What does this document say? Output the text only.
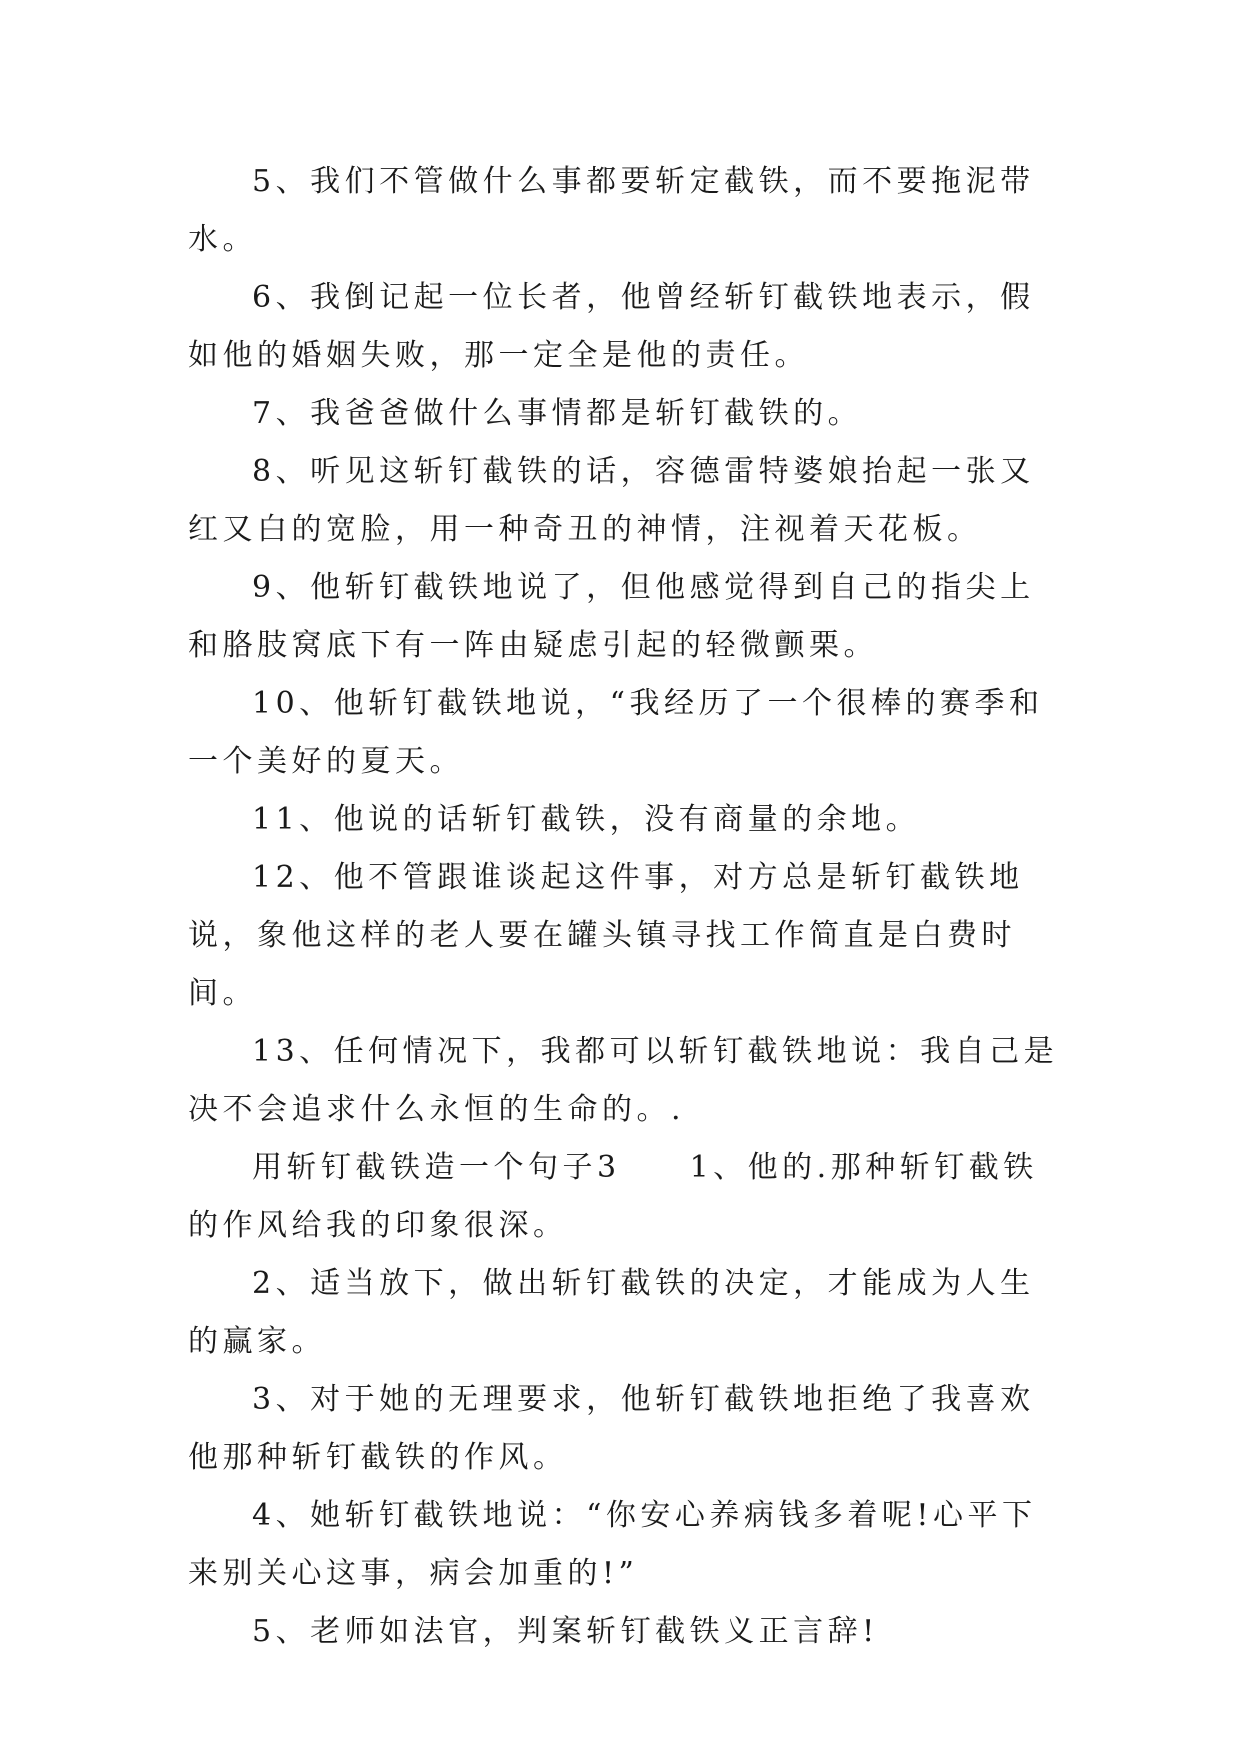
5、我们不管做什么事都要斩定截铁，而不要拖泥带水。

6、我倒记起一位长者，他曾经斩钉截铁地表示，假如他的婚姻失败，那一定全是他的责任。

7、我爸爸做什么事情都是斩钉截铁的。

8、听见这斩钉截铁的话，容德雷特婆娘抬起一张又红又白的宽脸，用一种奇丑的神情，注视着天花板。

9、他斩钉截铁地说了，但他感觉得到自己的指尖上和胳肢窝底下有一阵由疑虑引起的轻微颤栗。

10、他斩钉截铁地说，“我经历了一个很棒的赛季和一个美好的夏天。

11、他说的话斩钉截铁，没有商量的余地。

12、他不管跟谁谈起这件事，对方总是斩钉截铁地说，象他这样的老人要在罐头镇寻找工作简直是白费时间。

13、任何情况下，我都可以斩钉截铁地说：我自己是决不会追求什么永恒的生命的。.

用斩钉截铁造一个句子3　　1、他的.那种斩钉截铁的作风给我的印象很深。

2、适当放下，做出斩钉截铁的决定，才能成为人生的赢家。

3、对于她的无理要求，他斩钉截铁地拒绝了我喜欢他那种斩钉截铁的作风。

4、她斩钉截铁地说：“你安心养病钱多着呢!心平下来别关心这事，病会加重的!”

5、老师如法官，判案斩钉截铁义正言辞!
